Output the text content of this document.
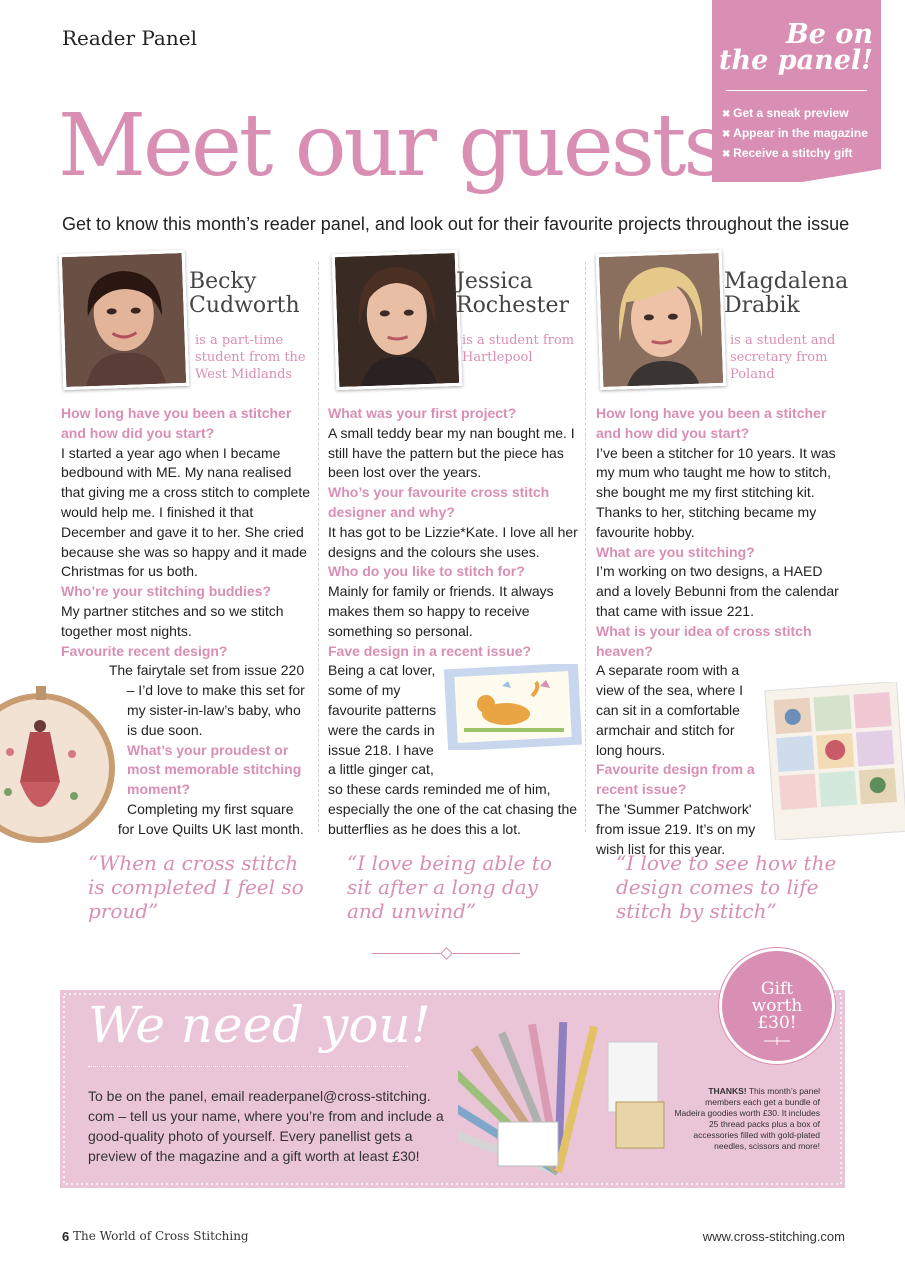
Reader Panel	Be on
the panel!
✖ Get a sneak preview
✖ Appear in the magazine
✖ Receive a stitchy gift
Meet our guests
Get to know this month’s reader panel, and look out for their favourite projects throughout the issue
Becky
Cudworth
is a part-time student from the West Midlands
How long have you been a stitcher and how did you start?
I started a year ago when I became bedbound with ME. My nana realised that giving me a cross stitch to complete would help me. I finished it that December and gave it to her. She cried because she was so happy and it made Christmas for us both.
Who’re your stitching buddies?
My partner stitches and so we stitch together most nights.
Favourite recent design?
The fairytale set from issue 220 – I’d love to make this set for my sister-in-law’s baby, who is due soon.
What’s your proudest or most memorable stitching moment?
Completing my first square for Love Quilts UK last month.
“When a cross stitch is completed I feel so proud”
Jessica
Rochester
is a student from Hartlepool
What was your first project?
A small teddy bear my nan bought me. I still have the pattern but the piece has been lost over the years.
Who’s your favourite cross stitch designer and why?
It has got to be Lizzie*Kate. I love all her designs and the colours she uses.
Who do you like to stitch for?
Mainly for family or friends. It always makes them so happy to receive something so personal.
Fave design in a recent issue?
Being a cat lover, some of my favourite patterns were the cards in issue 218. I have a little ginger cat, so these cards reminded me of him, especially the one of the cat chasing the butterflies as he does this a lot.
“I love being able to sit after a long day and unwind”
Magdalena
Drabik
is a student and secretary from Poland
How long have you been a stitcher and how did you start?
I’ve been a stitcher for 10 years. It was my mum who taught me how to stitch, she bought me my first stitching kit. Thanks to her, stitching became my favourite hobby.
What are you stitching?
I’m working on two designs, a HAED and a lovely Bebunni from the calendar that came with issue 221.
What is your idea of cross stitch heaven?
A separate room with a view of the sea, where I can sit in a comfortable armchair and stitch for long hours.
Favourite design from a recent issue?
The 'Summer Patchwork' from issue 219. It’s on my wish list for this year.
“I love to see how the design comes to life stitch by stitch”
We need you!
To be on the panel, email readerpanel@cross-stitching. com – tell us your name, where you’re from and include a good-quality photo of yourself. Every panellist gets a preview of the magazine and a gift worth at least £30!
THANKS! This month’s panel members each get a bundle of Madeira goodies worth £30. It includes 25 thread packs plus a box of accessories filled with gold-plated needles, scissors and more!
Gift
worth
£30!
6 The World of Cross Stitching	www.cross-stitching.com
